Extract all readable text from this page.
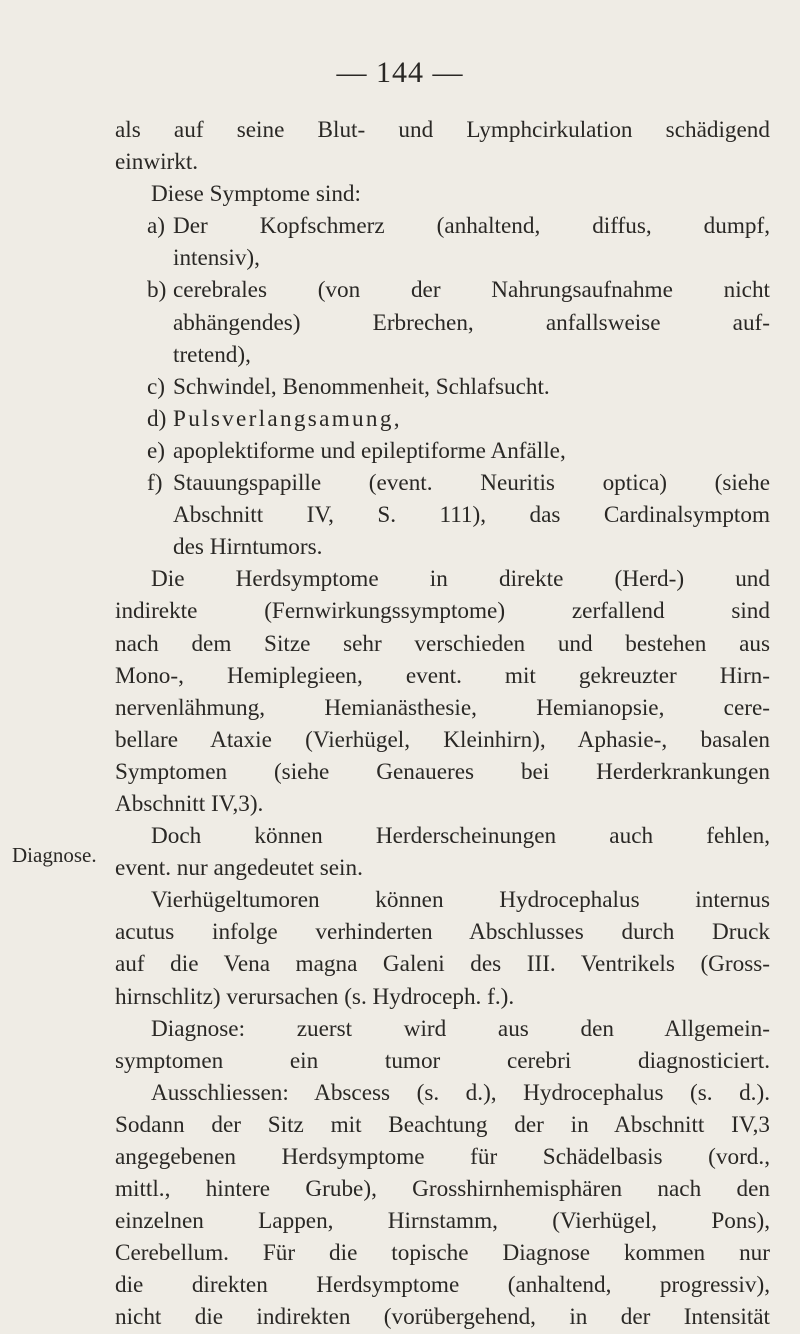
— 144 —
Diagnose.
als auf seine Blut- und Lymphcirkulation schädigend
einwirkt.
Diese Symptome sind:
a) Der Kopfschmerz (anhaltend, diffus, dumpf,
intensiv),
b) cerebrales (von der Nahrungsaufnahme nicht
abhängendes) Erbrechen, anfallsweise auf-
tretend),
c) Schwindel, Benommenheit, Schlafsucht.
d) Pulsverlangsamung,
e) apoplektiforme und epileptiforme Anfälle,
f) Stauungspapille (event. Neuritis optica) (siehe
Abschnitt IV, S. 111), das Cardinalsymptom
des Hirntumors.
Die Herdsymptome in direkte (Herd-) und
indirekte (Fernwirkungssymptome) zerfallend sind
nach dem Sitze sehr verschieden und bestehen aus
Mono-, Hemiplegieen, event. mit gekreuzter Hirn-
nervenlähmung, Hemianästhesie, Hemianopsie, cere-
bellare Ataxie (Vierhügel, Kleinhirn), Aphasie-, basalen
Symptomen (siehe Genaueres bei Herderkrankungen
Abschnitt IV,3).
Doch können Herderscheinungen auch fehlen,
event. nur angedeutet sein.
Vierhügeltumoren können Hydrocephalus internus
acutus infolge verhinderten Abschlusses durch Druck
auf die Vena magna Galeni des III. Ventrikels (Gross-
hirnschlitz) verursachen (s. Hydroceph. f.).
Diagnose: zuerst wird aus den Allgemein-
symptomen ein tumor cerebri diagnosticiert.
Ausschliessen: Abscess (s. d.), Hydrocephalus (s. d.).
Sodann der Sitz mit Beachtung der in Abschnitt IV,3
angegebenen Herdsymptome für Schädelbasis (vord.,
mittl., hintere Grube), Grosshirnhemisphären nach den
einzelnen Lappen, Hirnstamm, (Vierhügel, Pons),
Cerebellum. Für die topische Diagnose kommen nur
die direkten Herdsymptome (anhaltend, progressiv),
nicht die indirekten (vorübergehend, in der Intensität
